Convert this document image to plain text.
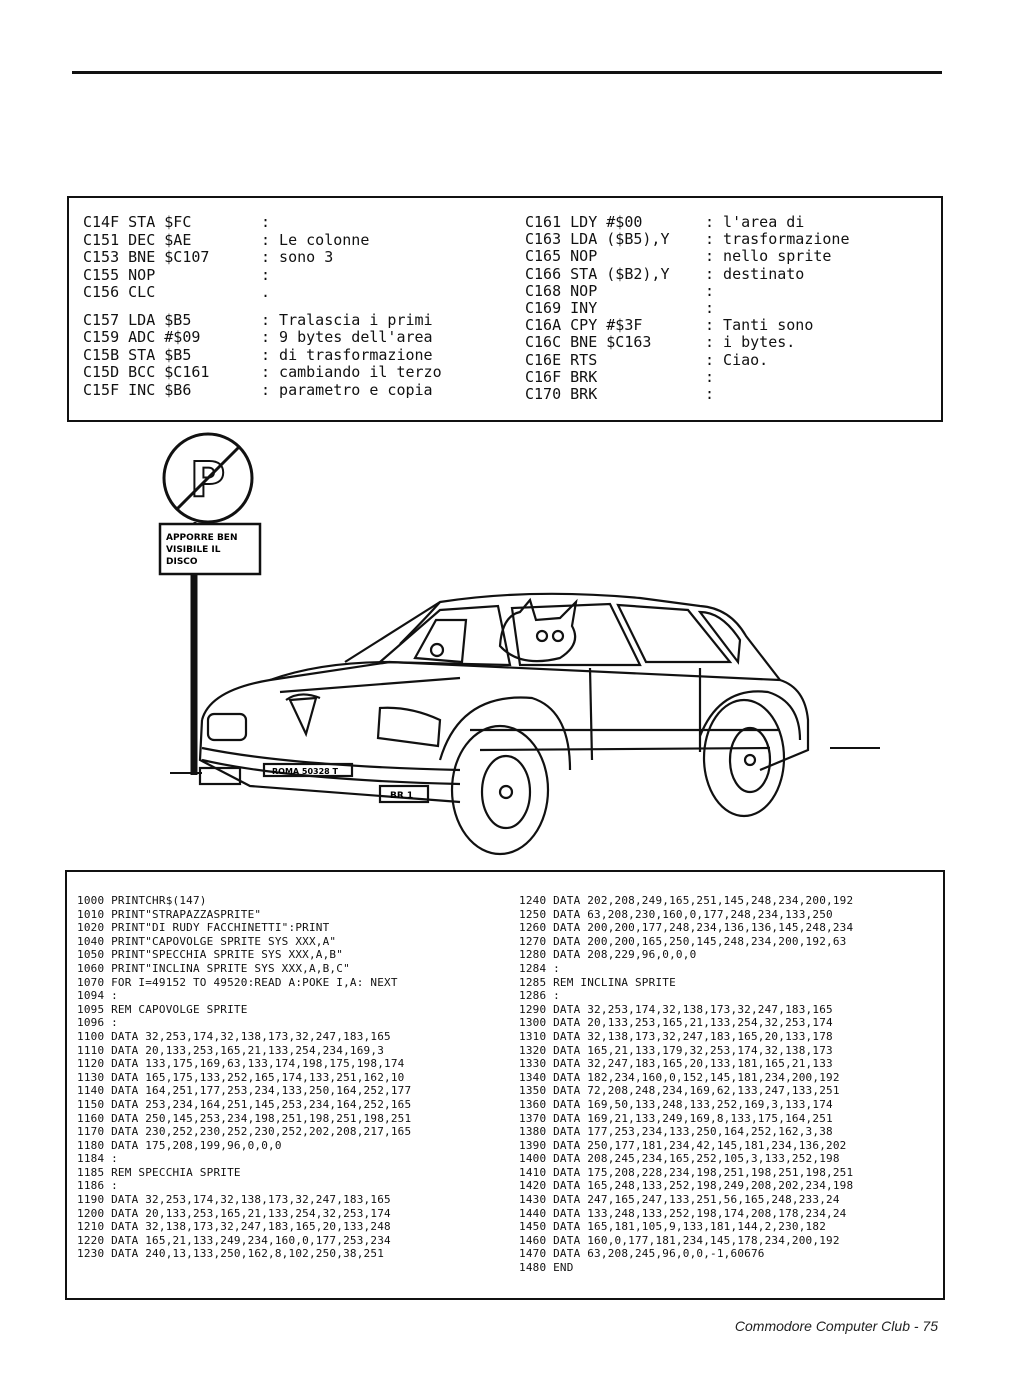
C14F STA $FC
C151 DEC $AE
C153 BNE $C107
C155 NOP
C156 CLC
C157 LDA $B5
C159 ADC #$09
C15B STA $B5
C15D BCC $C161
C15F INC $B6
:
: Le colonne
: sono 3
:
.
: Tralascia i primi
: 9 bytes dell'area
: di trasformazione
: cambiando il terzo
: parametro e copia
C161 LDY #$00
C163 LDA ($B5),Y
C165 NOP
C166 STA ($B2),Y
C168 NOP
C169 INY
C16A CPY #$3F
C16C BNE $C163
C16E RTS
C16F BRK
C170 BRK
: l'area di
: trasformazione
: nello sprite
: destinato
:
:
: Tanti sono
: i bytes.
: Ciao.
:
:
P
APPORRE BEN
VISIBILE IL
DISCO
ROMA 50328 T
BR 1
1000 PRINTCHR$(147)
1010 PRINT"STRAPAZZASPRITE"
1020 PRINT"DI RUDY FACCHINETTI":PRINT
1040 PRINT"CAPOVOLGE SPRITE SYS XXX,A"
1050 PRINT"SPECCHIA SPRITE SYS XXX,A,B"
1060 PRINT"INCLINA SPRITE SYS XXX,A,B,C"
1070 FOR I=49152 TO 49520:READ A:POKE I,A: NEXT
1094 :
1095 REM CAPOVOLGE SPRITE
1096 :
1100 DATA 32,253,174,32,138,173,32,247,183,165
1110 DATA 20,133,253,165,21,133,254,234,169,3
1120 DATA 133,175,169,63,133,174,198,175,198,174
1130 DATA 165,175,133,252,165,174,133,251,162,10
1140 DATA 164,251,177,253,234,133,250,164,252,177
1150 DATA 253,234,164,251,145,253,234,164,252,165
1160 DATA 250,145,253,234,198,251,198,251,198,251
1170 DATA 230,252,230,252,230,252,202,208,217,165
1180 DATA 175,208,199,96,0,0,0
1184 :
1185 REM SPECCHIA SPRITE
1186 :
1190 DATA 32,253,174,32,138,173,32,247,183,165
1200 DATA 20,133,253,165,21,133,254,32,253,174
1210 DATA 32,138,173,32,247,183,165,20,133,248
1220 DATA 165,21,133,249,234,160,0,177,253,234
1230 DATA 240,13,133,250,162,8,102,250,38,251
1240 DATA 202,208,249,165,251,145,248,234,200,192
1250 DATA 63,208,230,160,0,177,248,234,133,250
1260 DATA 200,200,177,248,234,136,136,145,248,234
1270 DATA 200,200,165,250,145,248,234,200,192,63
1280 DATA 208,229,96,0,0,0
1284 :
1285 REM INCLINA SPRITE
1286 :
1290 DATA 32,253,174,32,138,173,32,247,183,165
1300 DATA 20,133,253,165,21,133,254,32,253,174
1310 DATA 32,138,173,32,247,183,165,20,133,178
1320 DATA 165,21,133,179,32,253,174,32,138,173
1330 DATA 32,247,183,165,20,133,181,165,21,133
1340 DATA 182,234,160,0,152,145,181,234,200,192
1350 DATA 72,208,248,234,169,62,133,247,133,251
1360 DATA 169,50,133,248,133,252,169,3,133,174
1370 DATA 169,21,133,249,169,8,133,175,164,251
1380 DATA 177,253,234,133,250,164,252,162,3,38
1390 DATA 250,177,181,234,42,145,181,234,136,202
1400 DATA 208,245,234,165,252,105,3,133,252,198
1410 DATA 175,208,228,234,198,251,198,251,198,251
1420 DATA 165,248,133,252,198,249,208,202,234,198
1430 DATA 247,165,247,133,251,56,165,248,233,24
1440 DATA 133,248,133,252,198,174,208,178,234,24
1450 DATA 165,181,105,9,133,181,144,2,230,182
1460 DATA 160,0,177,181,234,145,178,234,200,192
1470 DATA 63,208,245,96,0,0,-1,60676
1480 END
Commodore Computer Club - 75
